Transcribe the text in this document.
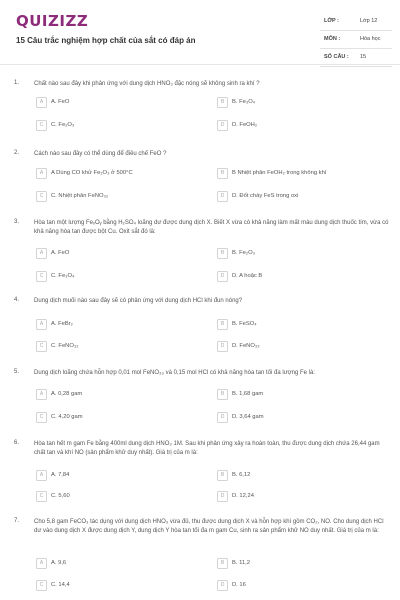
QUIZIZZ
15 Câu trắc nghiệm hợp chất của sắt có đáp án
LỚP :	Lớp 12
MÔN :	Hóa học
SỐ CÂU : 15
1. Chất nào sau đây khi phản ứng với dung dịch HNO₃ đặc nóng sẽ không sinh ra khí ?
A	A. FeO	B	B. Fe₃O₄
C	C. Fe₂O₃	D	D. FeOH₂
2. Cách nào sau đây có thể dùng để điều chế FeO ?
A	A Dùng CO khử Fe₂O₃ ở 500°C	B	B Nhiệt phân FeOH₂ trong không khí
C	C. Nhiệt phân FeNO₃₂	D	D. Đốt cháy FeS trong oxi
3. Hòa tan một lượng FeₓOᵧ bằng H₂SO₄ loãng dư được dung dịch X. Biết X vừa có khả năng làm mất màu dung dịch thuốc tím, vừa có khả năng hòa tan được bột Cu. Oxit sắt đó là:
A	A. FeO	B	B. Fe₂O₃
C	C. Fe₃O₄	D	D. A hoặc B
4. Dung dịch muối nào sau đây sẽ có phản ứng với dung dịch HCl khi đun nóng?
A	A. FeBr₂	B	B. FeSO₄
C	C. FeNO₃₂	D	D. FeNO₃₃
5. Dung dịch loãng chứa hỗn hợp 0,01 mol FeNO₃₃ và 0,15 mol HCl có khả năng hòa tan tối đa lượng Fe là:
A	A. 0,28 gam	B	B. 1,68 gam
C	C. 4,20 gam	D	D. 3,64 gam
6. Hòa tan hết m gam Fe bằng 400ml dung dịch HNO₃ 1M. Sau khi phản ứng xảy ra hoàn toàn, thu được dung dịch chứa 26,44 gam chất tan và khí NO (sản phẩm khử duy nhất). Giá trị của m là:
A	A. 7,84	B	B. 6,12
C	C. 5,60	D	D. 12,24
7. Cho 5,8 gam FeCO₃ tác dụng với dung dịch HNO₃ vừa đủ, thu được dung dịch X và hỗn hợp khí gồm CO₂, NO. Cho dung dịch HCl dư vào dung dịch X được dung dịch Y, dung dịch Y hòa tan tối đa m gam Cu, sinh ra sản phẩm khử NO duy nhất. Giá trị của m là:
A	A. 9,6	B	B. 11,2
C	C. 14,4	D	D. 16
